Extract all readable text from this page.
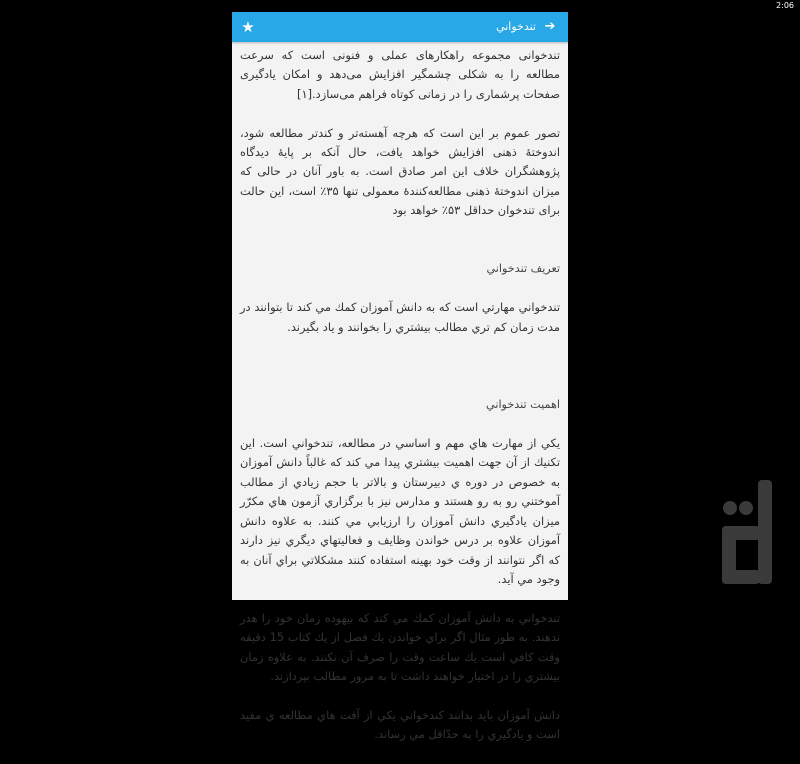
2:06
★	تندخواني ➔

تندخوانی مجموعه راهکارهای عملی و فنونی است که سرعت مطالعه را به شکلی چشمگیر افزایش می‌دهد و امکان یادگیری صفحات پرشماری را در زمانی کوتاه فراهم می‌سازد.[۱]

تصور عموم بر این است که هرچه آهسته‌تر و کندتر مطالعه شود، اندوختهٔ ذهنی افزایش خواهد یافت، حال آنکه بر پایهٔ دیدگاه پژوهشگران خلاف این امر صادق است. به باور آنان در حالی که میزان اندوختهٔ ذهنی مطالعه‌کنندهٔ معمولی تنها ۳۵٪ است، این حالت برای تندخوان حداقل ۵۳٪ خواهد بود

تعريف تندخواني

تندخواني مهارتي است كه به دانش آموزان كمك مي كند تا بتوانند در مدت زمان كم تري مطالب بيشتري را بخوانند و ياد بگيرند.

اهميت تندخواني

يكي از مهارت هاي مهم و اساسي در مطالعه، تندخواني است. اين تكنيك از آن جهت اهميت بيشتري پيدا مي كند كه غالباً دانش آموزان به خصوص در دوره ي دبيرستان و بالاتر با حجم زيادي از مطالب آموختني رو به رو هستند و مدارس نيز با برگزاري آزمون هاي مكرّر ميزان يادگيري دانش آموزان را ارزيابي مي كنند. به علاوه دانش آموزان علاوه بر درس خواندن وظايف و فعاليتهاي ديگري نيز دارند كه اگر نتوانند از وقت خود بهينه استفاده كنند مشكلاتي براي آنان به وجود مي آيد.

تندخواني به دانش آموزان كمك مي كند كه بيهوده زمان خود را هدر ندهند. به طور مثال اگر براي خواندن يك فصل از يك كتاب 15 دقيقه وقت كافي است يك ساعت وقت را صرف آن نكنند. به علاوه زمان بيشتري را در اختيار خواهند داشت تا به مرور مطالب بپردازند.

دانش آموزان بايد بدانند كندخواني يكي از آفت هاي مطالعه ي مفيد است و يادگيري را به حدّاقل مي رساند.
